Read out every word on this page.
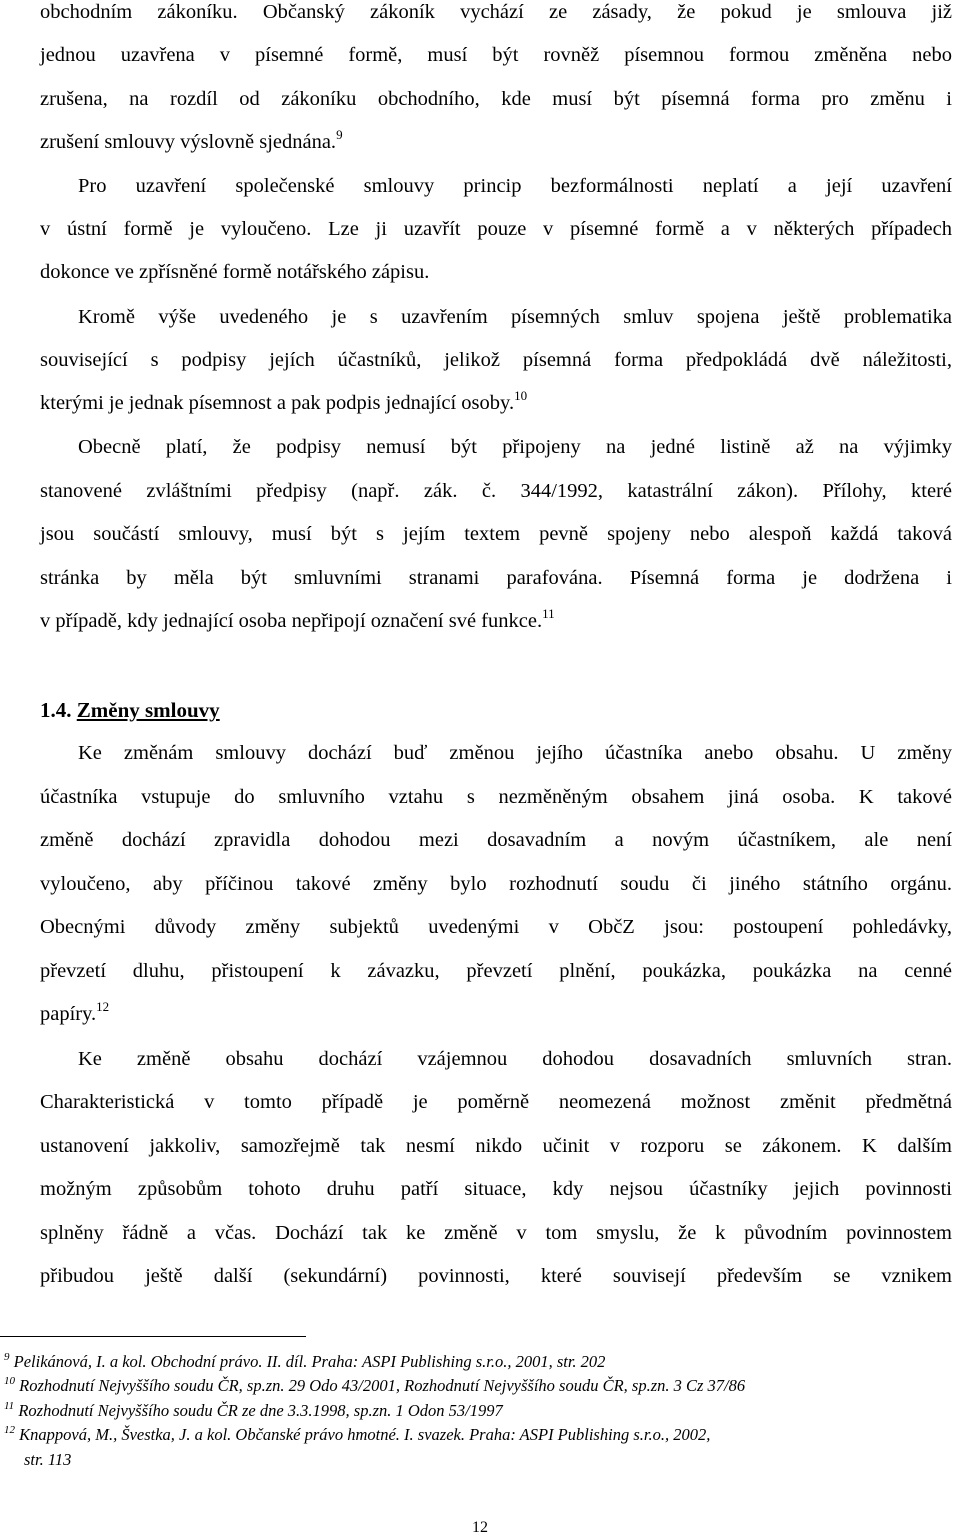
obchodním zákoníku. Občanský zákoník vychází ze zásady, že pokud je smlouva již
jednou uzavřena v písemné formě, musí být rovněž písemnou formou změněna nebo
zrušena, na rozdíl od zákoníku obchodního, kde musí být písemná forma pro změnu i
zrušení smlouvy výslovně sjednána.$^9$
Pro uzavření společenské smlouvy princip bezformálnosti neplatí a její uzavření
v ústní formě je vyloučeno. Lze ji uzavřít pouze v písemné formě a v některých případech
dokonce ve zpřísněné formě notářského zápisu.
Kromě výše uvedeného je s uzavřením písemných smluv spojena ještě problematika
související s podpisy jejích účastníků, jelikož písemná forma předpokládá dvě náležitosti,
kterými je jednak písemnost a pak podpis jednající osoby.$^{10}$
Obecně platí, že podpisy nemusí být připojeny na jedné listině až na výjimky
stanovené zvláštními předpisy (např. zák. č. 344/1992, katastrální zákon). Přílohy, které
jsou součástí smlouvy, musí být s jejím textem pevně spojeny nebo alespoň každá taková
stránka by měla být smluvními stranami parafována. Písemná forma je dodržena i
v případě, kdy jednající osoba nepřipojí označení své funkce.$^{11}$
1.4. Změny smlouvy
Ke změnám smlouvy dochází buď změnou jejího účastníka anebo obsahu. U změny
účastníka vstupuje do smluvního vztahu s nezměněným obsahem jiná osoba. K takové
změně dochází zpravidla dohodou mezi dosavadním a novým účastníkem, ale není
vyloučeno, aby příčinou takové změny bylo rozhodnutí soudu či jiného státního orgánu.
Obecnými důvody změny subjektů uvedenými v ObčZ jsou: postoupení pohledávky,
převzetí dluhu, přistoupení k závazku, převzetí plnění, poukázka, poukázka na cenné
papíry.$^{12}$
Ke změně obsahu dochází vzájemnou dohodou dosavadních smluvních stran.
Charakteristická v tomto případě je poměrně neomezená možnost změnit předmětná
ustanovení jakkoliv, samozřejmě tak nesmí nikdo učinit v rozporu se zákonem. K dalším
možným způsobům tohoto druhu patří situace, kdy nejsou účastníky jejich povinnosti
splněny řádně a včas. Dochází tak ke změně v tom smyslu, že k původním povinnostem
přibudou ještě další (sekundární) povinnosti, které souvisejí především se vznikem
$^9$ Pelikánová, I. a kol. Obchodní právo. II. díl. Praha: ASPI Publishing s.r.o., 2001, str. 202
$^{10}$ Rozhodnutí Nejvyššího soudu ČR, sp.zn. 29 Odo 43/2001, Rozhodnutí Nejvyššího soudu ČR, sp.zn. 3 Cz 37/86
$^{11}$ Rozhodnutí Nejvyššího soudu ČR ze dne 3.3.1998, sp.zn. 1 Odon 53/1997
$^{12}$ Knappová, M., Švestka, J. a kol. Občanské právo hmotné. I. svazek. Praha: ASPI Publishing s.r.o., 2002,
str. 113
12
